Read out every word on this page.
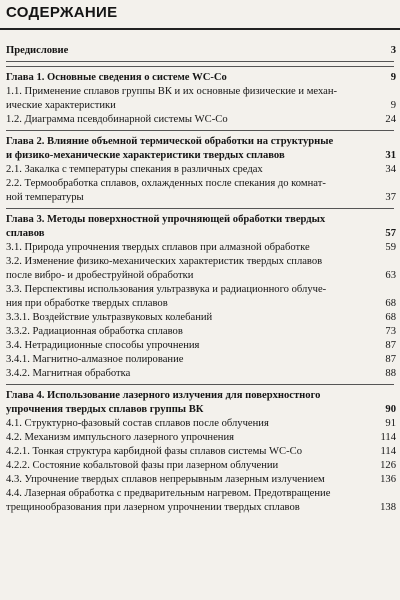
СОДЕРЖАНИЕ
Предисловие	3
Глава 1. Основные сведения о системе WC-Co	9
1.1. Применение сплавов группы ВК и их основные физические и механ-
ические характеристики	9
1.2. Диаграмма псевдобинарной системы WC-Co	24
Глава 2. Влияние объемной термической обработки на структурные
и физико-механические характеристики твердых сплавов	31
2.1. Закалка с температуры спекания в различных средах	34
2.2. Термообработка сплавов, охлажденных после спекания до комнат-
ной температуры	37
Глава 3. Методы поверхностной упрочняющей обработки твердых
сплавов	57
3.1. Природа упрочнения твердых сплавов при алмазной обработке	59
3.2. Изменение физико-механических характеристик твердых сплавов
после вибро- и дробеструйной обработки	63
3.3. Перспективы использования ультразвука и радиационного облуче-
ния при обработке твердых сплавов	68
3.3.1. Воздействие ультразвуковых колебаний	68
3.3.2. Радиационная обработка сплавов	73
3.4. Нетрадиционные способы упрочнения	87
3.4.1. Магнитно-алмазное полирование	87
3.4.2. Магнитная обработка	88
Глава 4. Использование лазерного излучения для поверхностного
упрочнения твердых сплавов группы ВК	90
4.1. Структурно-фазовый состав сплавов после облучения	91
4.2. Механизм импульсного лазерного упрочнения	114
4.2.1. Тонкая структура карбидной фазы сплавов системы WC-Co	114
4.2.2. Состояние кобальтовой фазы при лазерном облучении	126
4.3. Упрочнение твердых сплавов непрерывным лазерным излучением	136
4.4. Лазерная обработка с предварительным нагревом. Предотвращение
трещинообразования при лазерном упрочнении твердых сплавов	138
